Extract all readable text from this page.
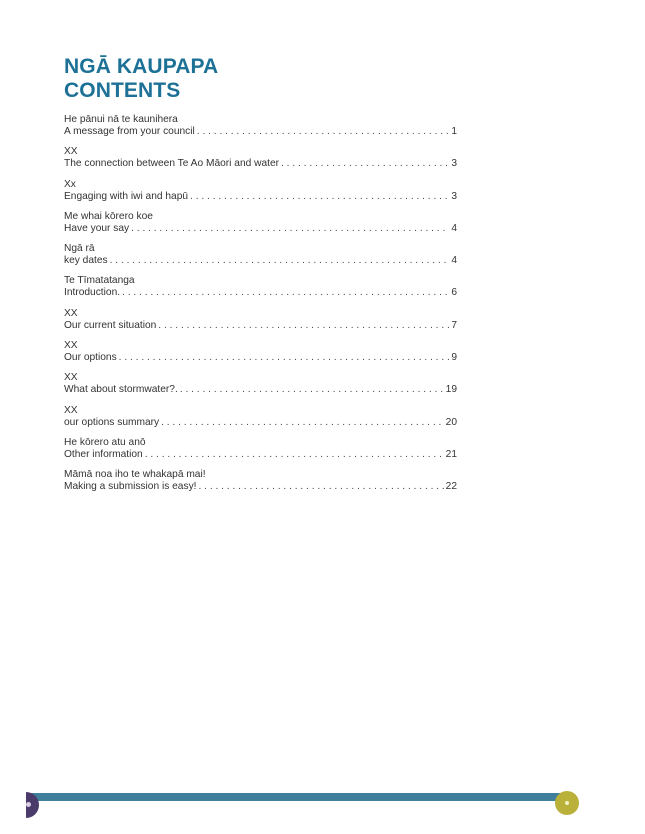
NGĀ KAUPAPA
CONTENTS
He pānui nā te kaunihera
A message from your council . . .	1
XX
The connection between Te Ao Māori and water . . .	3
Xx
Engaging with iwi and hapū . . .	3
Me whai kōrero koe
Have your say . . .	4
Ngā rā
key dates . . .	4
Te Tīmatatanga
Introduction. . . .	6
XX
Our current situation . . .	7
XX
Our options . . .	9
XX
What about stormwater?. . . .	19
XX
our options summary . . .	20
He kōrero atu anō
Other information . . .	21
Māmā noa iho te whakapā mai!
Making a submission is easy! . . .	22
